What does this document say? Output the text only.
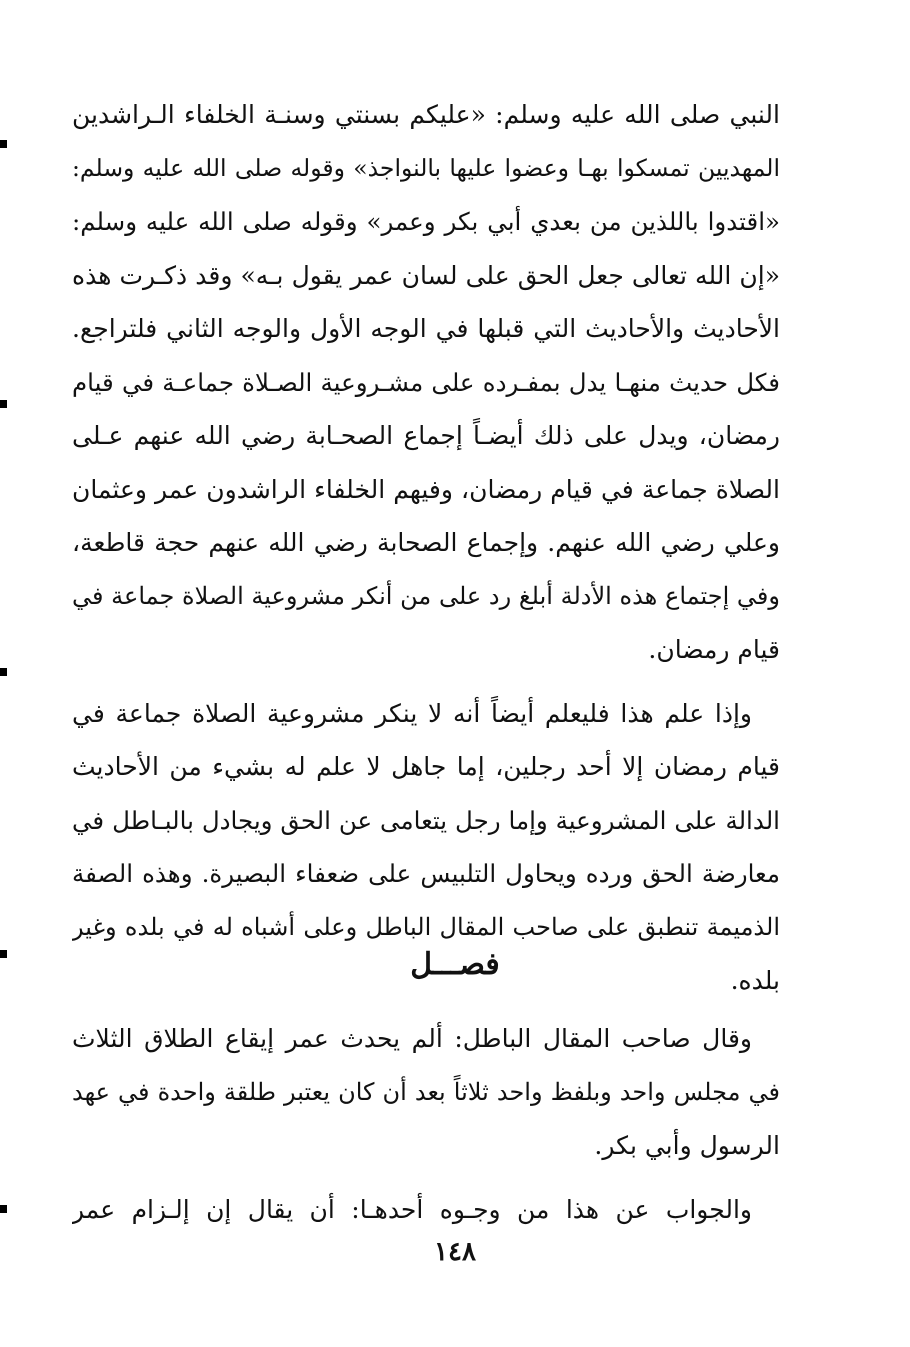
النبي صلى الله عليه وسلم: «عليكم بسنتي وسنـة الخلفاء الـراشدين
المهديين تمسكوا بهـا وعضوا عليها بالنواجذ» وقوله صلى الله عليه وسلم:
«اقتدوا باللذين من بعدي أبي بكر وعمر» وقوله صلى الله عليه وسلم:
«إن الله تعالى جعل الحق على لسان عمر يقول بـه» وقد ذكـرت هذه
الأحاديث والأحاديث التي قبلها في الوجه الأول والوجه الثاني فلتراجع.
فكل حديث منهـا يدل بمفـرده على مشـروعية الصـلاة جماعـة في قيام
رمضان، ويدل على ذلك أيضـاً إجماع الصحـابة رضي الله عنهم عـلى
الصلاة جماعة في قيام رمضان، وفيهم الخلفاء الراشدون عمر وعثمان
وعلي رضي الله عنهم. وإجماع الصحابة رضي الله عنهم حجة قاطعة،
وفي إجتماع هذه الأدلة أبلغ رد على من أنكر مشروعية الصلاة جماعة في
قيام رمضان.
وإذا علم هذا فليعلم أيضاً أنه لا ينكر مشروعية الصلاة جماعة في
قيام رمضان إلا أحد رجلين، إما جاهل لا علم له بشيء من الأحاديث
الدالة على المشروعية وإما رجل يتعامى عن الحق ويجادل بالبـاطل في
معارضة الحق ورده ويحاول التلبيس على ضعفاء البصيرة. وهذه الصفة
الذميمة تنطبق على صاحب المقال الباطل وعلى أشباه له في بلده وغير
بلده.
فصـــل
وقال صاحب المقال الباطل: ألم يحدث عمر إيقاع الطلاق الثلاث
في مجلس واحد وبلفظ واحد ثلاثاً بعد أن كان يعتبر طلقة واحدة في عهد
الرسول وأبي بكر.
والجواب عن هذا من وجـوه أحدهـا: أن يقال إن إلـزام عمر
١٤٨
